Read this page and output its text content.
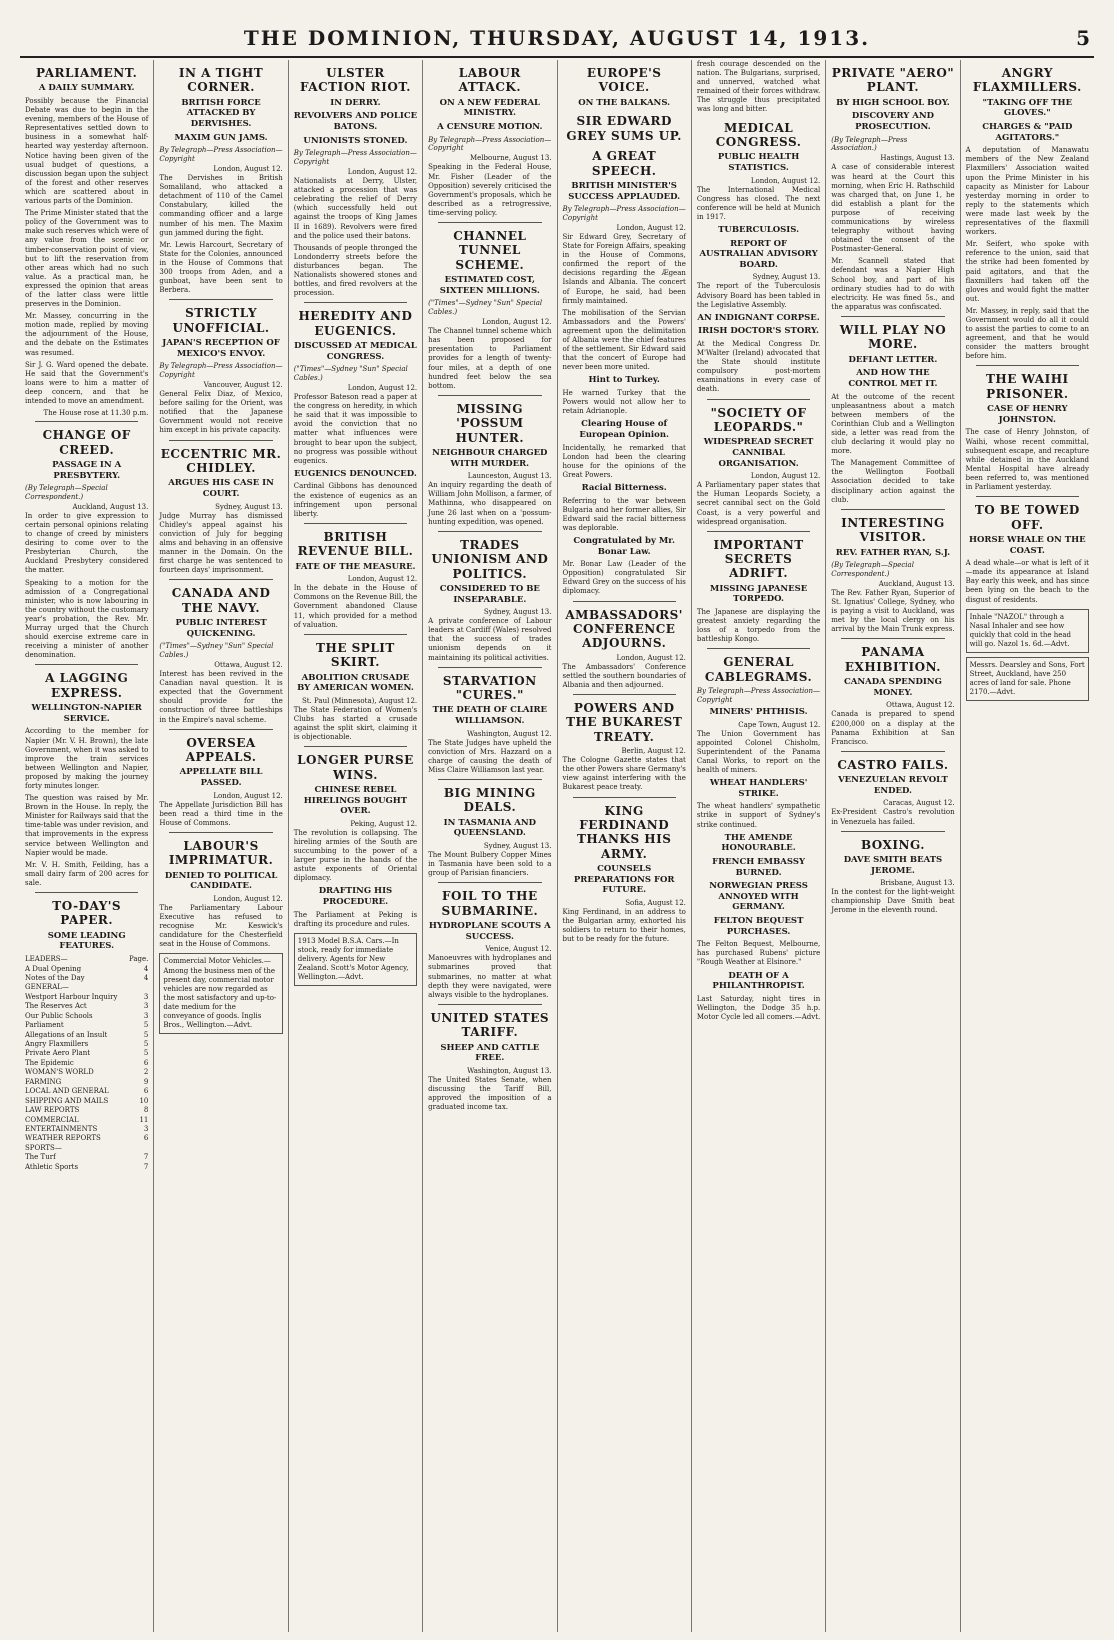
THE DOMINION, THURSDAY, AUGUST 14, 1913.	5
PARLIAMENT.
A DAILY SUMMARY.
Possibly because the Financial Debate was due to begin in the evening, members of the House of Representatives settled down to business in a somewhat half-hearted way yesterday afternoon. Notice having been given of the usual budget of questions, a discussion began upon the subject of the forest and other reserves which are scattered about in various parts of the Dominion.
The Prime Minister stated that the policy of the Government was to make such reserves which were of any value from the scenic or timber-conservation point of view, but to lift the reservation from other areas which had no such value. As a practical man, he expressed the opinion that areas of the latter class were little preserves in the Dominion.
Mr. Massey, concurring in the motion made, replied by moving the adjournment of the House, and the debate on the Estimates was resumed.
Sir J. G. Ward opened the debate. He said that the Government's loans were to him a matter of deep concern, and that he intended to move an amendment.
The House rose at 11.30 p.m.
CHANGE OF CREED.
PASSAGE IN A PRESBYTERY.
(By Telegraph—Special Correspondent.)
Auckland, August 13.
In order to give expression to certain personal opinions relating to change of creed by ministers desiring to come over to the Presbyterian Church, the Auckland Presbytery considered the matter.
Speaking to a motion for the admission of a Congregational minister, who is now labouring in the country without the customary year's probation, the Rev. Mr. Murray urged that the Church should exercise extreme care in receiving a minister of another denomination.
A LAGGING EXPRESS.
WELLINGTON-NAPIER SERVICE.
According to the member for Napier (Mr. V. H. Brown), the late Government, when it was asked to improve the train services between Wellington and Napier, proposed by making the journey forty minutes longer.
The question was raised by Mr. Brown in the House. In reply, the Minister for Railways said that the time-table was under revision, and that improvements in the express service between Wellington and Napier would be made.
Mr. V. H. Smith, Feilding, has a small dairy farm of 200 acres for sale.
TO-DAY'S PAPER.
SOME LEADING FEATURES.
LEADERS—	Page.
A Dual Opening	4
Notes of the Day	4
GENERAL—
Westport Harbour Inquiry	3
The Reserves Act	3
Our Public Schools	3
Parliament	5
Allegations of an Insult	5
Angry Flaxmillers	5
Private Aero Plant	5
The Epidemic	6
WOMAN'S WORLD	2
FARMING	9
LOCAL AND GENERAL	6
SHIPPING AND MAILS	10
LAW REPORTS	8
COMMERCIAL	11
ENTERTAINMENTS	3
WEATHER REPORTS	6
SPORTS—
The Turf	7
Athletic Sports	7
IN A TIGHT CORNER.
BRITISH FORCE ATTACKED BY DERVISHES.
MAXIM GUN JAMS.
By Telegraph—Press Association—Copyright
London, August 12.
The Dervishes in British Somaliland, who attacked a detachment of 110 of the Camel Constabulary, killed the commanding officer and a large number of his men. The Maxim gun jammed during the fight.
Mr. Lewis Harcourt, Secretary of State for the Colonies, announced in the House of Commons that 300 troops from Aden, and a gunboat, have been sent to Berbera.
STRICTLY UNOFFICIAL.
JAPAN'S RECEPTION OF MEXICO'S ENVOY.
By Telegraph—Press Association—Copyright
Vancouver, August 12.
General Felix Diaz, of Mexico, before sailing for the Orient, was notified that the Japanese Government would not receive him except in his private capacity.
ECCENTRIC MR. CHIDLEY.
ARGUES HIS CASE IN COURT.
Sydney, August 13.
Judge Murray has dismissed Chidley's appeal against his conviction of July for begging alms and behaving in an offensive manner in the Domain. On the first charge he was sentenced to fourteen days' imprisonment.
CANADA AND THE NAVY.
PUBLIC INTEREST QUICKENING.
("Times"—Sydney "Sun" Special Cables.)
Ottawa, August 12.
Interest has been revived in the Canadian naval question. It is expected that the Government should provide for the construction of three battleships in the Empire's naval scheme.
OVERSEA APPEALS.
APPELLATE BILL PASSED.
London, August 12.
The Appellate Jurisdiction Bill has been read a third time in the House of Commons.
LABOUR'S IMPRIMATUR.
DENIED TO POLITICAL CANDIDATE.
London, August 12.
The Parliamentary Labour Executive has refused to recognise Mr. Keswick's candidature for the Chesterfield seat in the House of Commons.
Commercial Motor Vehicles.—Among the business men of the present day, commercial motor vehicles are now regarded as the most satisfactory and up-to-date medium for the conveyance of goods. Inglis Bros., Wellington.—Advt.
ULSTER FACTION RIOT.
IN DERRY.
REVOLVERS AND POLICE BATONS.
UNIONISTS STONED.
By Telegraph—Press Association—Copyright
London, August 12.
Nationalists at Derry, Ulster, attacked a procession that was celebrating the relief of Derry (which successfully held out against the troops of King James II in 1689). Revolvers were fired and the police used their batons.
Thousands of people thronged the Londonderry streets before the disturbances began. The Nationalists showered stones and bottles, and fired revolvers at the procession.
HEREDITY AND EUGENICS.
DISCUSSED AT MEDICAL CONGRESS.
("Times"—Sydney "Sun" Special Cables.)
London, August 12.
Professor Bateson read a paper at the congress on heredity, in which he said that it was impossible to avoid the conviction that no matter what influences were brought to bear upon the subject, no progress was possible without eugenics.
EUGENICS DENOUNCED.
Cardinal Gibbons has denounced the existence of eugenics as an infringement upon personal liberty.
BRITISH REVENUE BILL.
FATE OF THE MEASURE.
London, August 12.
In the debate in the House of Commons on the Revenue Bill, the Government abandoned Clause 11, which provided for a method of valuation.
THE SPLIT SKIRT.
ABOLITION CRUSADE BY AMERICAN WOMEN.
St. Paul (Minnesota), August 12.
The State Federation of Women's Clubs has started a crusade against the split skirt, claiming it is objectionable.
LONGER PURSE WINS.
CHINESE REBEL HIRELINGS BOUGHT OVER.
Peking, August 12.
The revolution is collapsing. The hireling armies of the South are succumbing to the power of a larger purse in the hands of the astute exponents of Oriental diplomacy.
DRAFTING HIS PROCEDURE.
The Parliament at Peking is drafting its procedure and rules.
1913 Model B.S.A. Cars.—In stock, ready for immediate delivery. Agents for New Zealand. Scott's Motor Agency, Wellington.—Advt.
LABOUR ATTACK.
ON A NEW FEDERAL MINISTRY.
A CENSURE MOTION.
By Telegraph—Press Association—Copyright
Melbourne, August 13.
Speaking in the Federal House, Mr. Fisher (Leader of the Opposition) severely criticised the Government's proposals, which he described as a retrogressive, time-serving policy.
CHANNEL TUNNEL SCHEME.
ESTIMATED COST, SIXTEEN MILLIONS.
("Times"—Sydney "Sun" Special Cables.)
London, August 12.
The Channel tunnel scheme which has been proposed for presentation to Parliament provides for a length of twenty-four miles, at a depth of one hundred feet below the sea bottom.
MISSING 'POSSUM HUNTER.
NEIGHBOUR CHARGED WITH MURDER.
Launceston, August 13.
An inquiry regarding the death of William John Mollison, a farmer, of Mathinna, who disappeared on June 26 last when on a 'possum-hunting expedition, was opened.
TRADES UNIONISM AND POLITICS.
CONSIDERED TO BE INSEPARABLE.
Sydney, August 13.
A private conference of Labour leaders at Cardiff (Wales) resolved that the success of trades unionism depends on it maintaining its political activities.
STARVATION "CURES."
THE DEATH OF CLAIRE WILLIAMSON.
Washington, August 12.
The State Judges have upheld the conviction of Mrs. Hazzard on a charge of causing the death of Miss Claire Williamson last year.
BIG MINING DEALS.
IN TASMANIA AND QUEENSLAND.
Sydney, August 13.
The Mount Bulbery Copper Mines in Tasmania have been sold to a group of Parisian financiers.
FOIL TO THE SUBMARINE.
HYDROPLANE SCOUTS A SUCCESS.
Venice, August 12.
Manoeuvres with hydroplanes and submarines proved that submarines, no matter at what depth they were navigated, were always visible to the hydroplanes.
UNITED STATES TARIFF.
SHEEP AND CATTLE FREE.
Washington, August 13.
The United States Senate, when discussing the Tariff Bill, approved the imposition of a graduated income tax.
EUROPE'S VOICE.
ON THE BALKANS.
SIR EDWARD GREY SUMS UP.
A GREAT SPEECH.
BRITISH MINISTER'S SUCCESS APPLAUDED.
By Telegraph—Press Association—Copyright
London, August 12.
Sir Edward Grey, Secretary of State for Foreign Affairs, speaking in the House of Commons, confirmed the report of the decisions regarding the Ægean Islands and Albania. The concert of Europe, he said, had been firmly maintained.
The mobilisation of the Servian Ambassadors and the Powers' agreement upon the delimitation of Albania were the chief features of the settlement. Sir Edward said that the concert of Europe had never been more united.
Hint to Turkey.
He warned Turkey that the Powers would not allow her to retain Adrianople.
Clearing House of European Opinion.
Incidentally, he remarked that London had been the clearing house for the opinions of the Great Powers.
Racial Bitterness.
Referring to the war between Bulgaria and her former allies, Sir Edward said the racial bitterness was deplorable.
Congratulated by Mr. Bonar Law.
Mr. Bonar Law (Leader of the Opposition) congratulated Sir Edward Grey on the success of his diplomacy.
AMBASSADORS' CONFERENCE ADJOURNS.
London, August 12.
The Ambassadors' Conference settled the southern boundaries of Albania and then adjourned.
POWERS AND THE BUKAREST TREATY.
Berlin, August 12.
The Cologne Gazette states that the other Powers share Germany's view against interfering with the Bukarest peace treaty.
KING FERDINAND THANKS HIS ARMY.
COUNSELS PREPARATIONS FOR FUTURE.
Sofia, August 12.
King Ferdinand, in an address to the Bulgarian army, exhorted his soldiers to return to their homes, but to be ready for the future.
fresh courage descended on the nation. The Bulgarians, surprised, and unnerved, watched what remained of their forces withdraw. The struggle thus precipitated was long and bitter.
MEDICAL CONGRESS.
PUBLIC HEALTH STATISTICS.
London, August 12.
The International Medical Congress has closed. The next conference will be held at Munich in 1917.
TUBERCULOSIS.
REPORT OF AUSTRALIAN ADVISORY BOARD.
Sydney, August 13.
The report of the Tuberculosis Advisory Board has been tabled in the Legislative Assembly.
AN INDIGNANT CORPSE.
IRISH DOCTOR'S STORY.
At the Medical Congress Dr. M'Walter (Ireland) advocated that the State should institute compulsory post-mortem examinations in every case of death.
"SOCIETY OF LEOPARDS."
WIDESPREAD SECRET CANNIBAL ORGANISATION.
London, August 12.
A Parliamentary paper states that the Human Leopards Society, a secret cannibal sect on the Gold Coast, is a very powerful and widespread organisation.
IMPORTANT SECRETS ADRIFT.
MISSING JAPANESE TORPEDO.
The Japanese are displaying the greatest anxiety regarding the loss of a torpedo from the battleship Kongo.
GENERAL CABLEGRAMS.
By Telegraph—Press Association—Copyright
MINERS' PHTHISIS.
Cape Town, August 12.
The Union Government has appointed Colonel Chisholm, Superintendent of the Panama Canal Works, to report on the health of miners.
WHEAT HANDLERS' STRIKE.
The wheat handlers' sympathetic strike in support of Sydney's strike continued.
THE AMENDE HONOURABLE.
FRENCH EMBASSY BURNED.
NORWEGIAN PRESS ANNOYED WITH GERMANY.
FELTON BEQUEST PURCHASES.
The Felton Bequest, Melbourne, has purchased Rubens' picture "Rough Weather at Elsinore."
DEATH OF A PHILANTHROPIST.
Last Saturday, night tires in Wellington, the Dodge 35 h.p. Motor Cycle led all comers.—Advt.
PRIVATE "AERO" PLANT.
BY HIGH SCHOOL BOY.
DISCOVERY AND PROSECUTION.
(By Telegraph—Press Association.)
Hastings, August 13.
A case of considerable interest was heard at the Court this morning, when Eric H. Rathschild was charged that, on June 1, he did establish a plant for the purpose of receiving communications by wireless telegraphy without having obtained the consent of the Postmaster-General.
Mr. Scannell stated that defendant was a Napier High School boy, and part of his ordinary studies had to do with electricity. He was fined 5s., and the apparatus was confiscated.
WILL PLAY NO MORE.
DEFIANT LETTER.
AND HOW THE CONTROL MET IT.
At the outcome of the recent unpleasantness about a match between members of the Corinthian Club and a Wellington side, a letter was read from the club declaring it would play no more.
The Management Committee of the Wellington Football Association decided to take disciplinary action against the club.
INTERESTING VISITOR.
REV. FATHER RYAN, S.J.
(By Telegraph—Special Correspondent.)
Auckland, August 13.
The Rev. Father Ryan, Superior of St. Ignatius' College, Sydney, who is paying a visit to Auckland, was met by the local clergy on his arrival by the Main Trunk express.
PANAMA EXHIBITION.
CANADA SPENDING MONEY.
Ottawa, August 12.
Canada is prepared to spend £200,000 on a display at the Panama Exhibition at San Francisco.
CASTRO FAILS.
VENEZUELAN REVOLT ENDED.
Caracas, August 12.
Ex-President Castro's revolution in Venezuela has failed.
BOXING.
DAVE SMITH BEATS JEROME.
Brisbane, August 13.
In the contest for the light-weight championship Dave Smith beat Jerome in the eleventh round.
ANGRY FLAXMILLERS.
"TAKING OFF THE GLOVES."
CHARGES & "PAID AGITATORS."
A deputation of Manawatu members of the New Zealand Flaxmillers' Association waited upon the Prime Minister in his capacity as Minister for Labour yesterday morning in order to reply to the statements which were made last week by the representatives of the flaxmill workers.
Mr. Seifert, who spoke with reference to the union, said that the strike had been fomented by paid agitators, and that the flaxmillers had taken off the gloves and would fight the matter out.
Mr. Massey, in reply, said that the Government would do all it could to assist the parties to come to an agreement, and that he would consider the matters brought before him.
THE WAIHI PRISONER.
CASE OF HENRY JOHNSTON.
The case of Henry Johnston, of Waihi, whose recent committal, subsequent escape, and recapture while detained in the Auckland Mental Hospital have already been referred to, was mentioned in Parliament yesterday.
TO BE TOWED OFF.
HORSE WHALE ON THE COAST.
A dead whale—or what is left of it—made its appearance at Island Bay early this week, and has since been lying on the beach to the disgust of residents.
Inhale "NAZOL" through a Nasal Inhaler and see how quickly that cold in the head will go. Nazol 1s. 6d.—Advt.
Messrs. Dearsley and Sons, Fort Street, Auckland, have 250 acres of land for sale. Phone 2170.—Advt.
